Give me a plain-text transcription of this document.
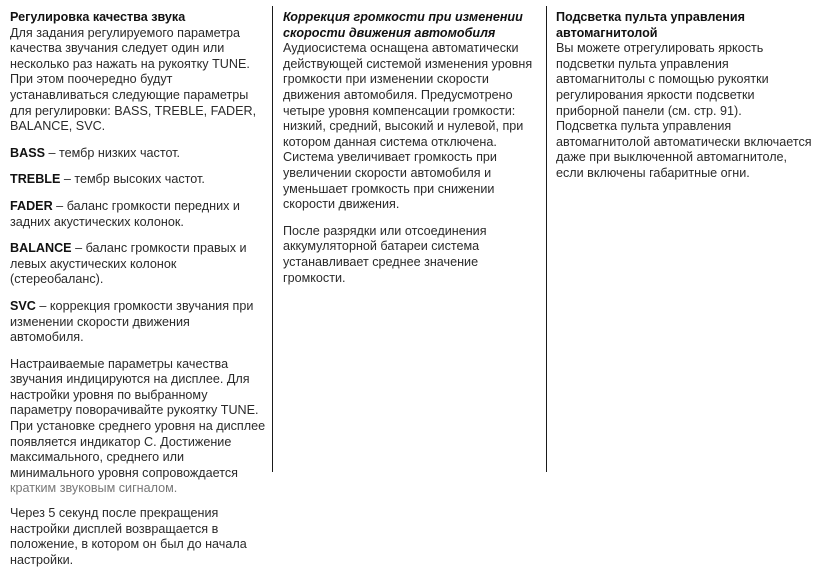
Регулировка качества звука

Для задания регулируемого параметра качества звучания следует один или несколько раз нажать на рукоятку TUNE. При этом поочередно будут устанавливаться следующие параметры для регулировки: BASS, TREBLE, FADER, BALANCE, SVC.

BASS – тембр низких частот.

TREBLE – тембр высоких частот.

FADER – баланс громкости передних и задних акустических колонок.

BALANCE – баланс громкости правых и левых акустических колонок (стереобаланс).

SVC – коррекция громкости звучания при изменении скорости движения автомобиля.

Настраиваемые параметры качества звучания индицируются на дисплее. Для настройки уровня по выбранному параметру поворачивайте рукоятку TUNE. При установке среднего уровня на дисплее появляется индикатор С. Достижение максимального, среднего или минимального уровня сопровождается кратким звуковым сигналом.

Через 5 секунд после прекращения настройки дисплей возвращается в положение, в котором он был до начала настройки.

Коррекция громкости при изменении скорости движения автомобиля

Аудиосистема оснащена автоматически действующей системой изменения уровня громкости при изменении скорости движения автомобиля. Предусмотрено четыре уровня компенсации громкости: низкий, средний, высокий и нулевой, при котором данная система отключена. Система увеличивает громкость при увеличении скорости автомобиля и уменьшает громкость при снижении скорости движения.

После разрядки или отсоединения аккумуляторной батареи система устанавливает среднее значение громкости.

Подсветка пульта управления автомагнитолой

Вы можете отрегулировать яркость подсветки пульта управления автомагнитолы с помощью рукоятки регулирования яркости подсветки приборной панели (см. стр. 91).

Подсветка пульта управления автомагнитолой автоматически включается даже при выключенной автомагнитоле, если включены габаритные огни.
